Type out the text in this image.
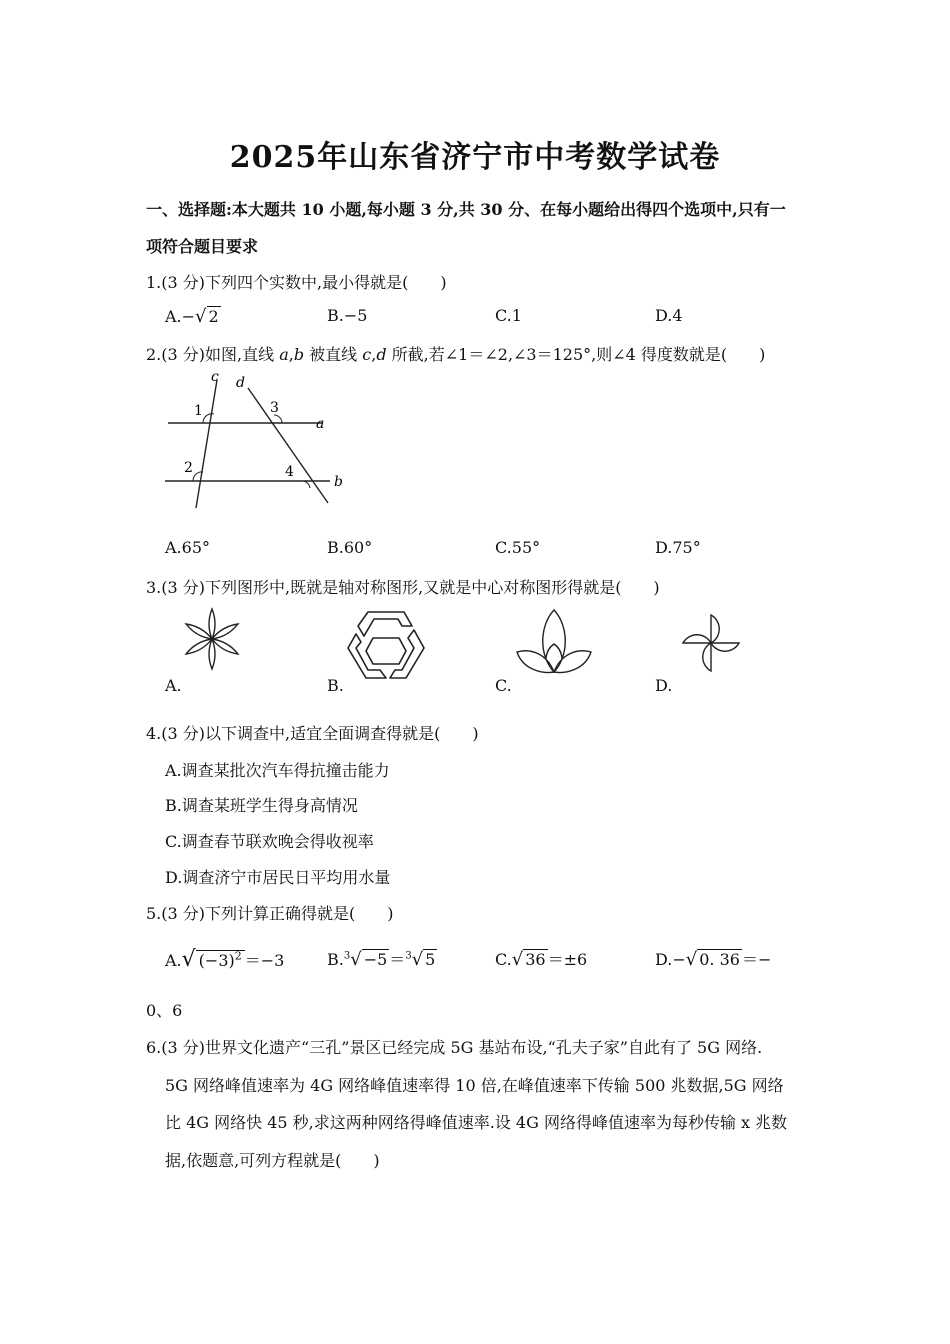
2025年山东省济宁市中考数学试卷
一、选择题:本大题共 10 小题,每小题 3 分,共 30 分、在每小题给出得四个选项中,只有一
项符合题目要求
1.(3 分)下列四个实数中,最小得就是(　　)
A.−√ 2	B.−5	C.1	D.4
2.(3 分)如图,直线 a,b 被直线 c,d 所截,若∠1＝∠2,∠3＝125°,则∠4 得度数就是(　　)
c d
a
b
1
2
3
4
A.65°	B.60°	C.55°	D.75°
3.(3 分)下列图形中,既就是轴对称图形,又就是中心对称图形得就是(　　)
A.	B.	C.	D.
4.(3 分)以下调查中,适宜全面调查得就是(　　)
A.调查某批次汽车得抗撞击能力
B.调查某班学生得身高情况
C.调查春节联欢晚会得收视率
D.调查济宁市居民日平均用水量
5.(3 分)下列计算正确得就是(　　)
A.√ $(-3)^2 =-3$	B.$^3$√ −5 ＝$^3$√ 5	C.√ 36 ＝±6	D.−√ 0. 36 ＝−
0、6
6.(3 分)世界文化遗产“三孔”景区已经完成 5G 基站布设,“孔夫子家”自此有了 5G 网络.
5G 网络峰值速率为 4G 网络峰值速率得 10 倍,在峰值速率下传输 500 兆数据,5G 网络
比 4G 网络快 45 秒,求这两种网络得峰值速率.设 4G 网络得峰值速率为每秒传输 x 兆数
据,依题意,可列方程就是(　　)
